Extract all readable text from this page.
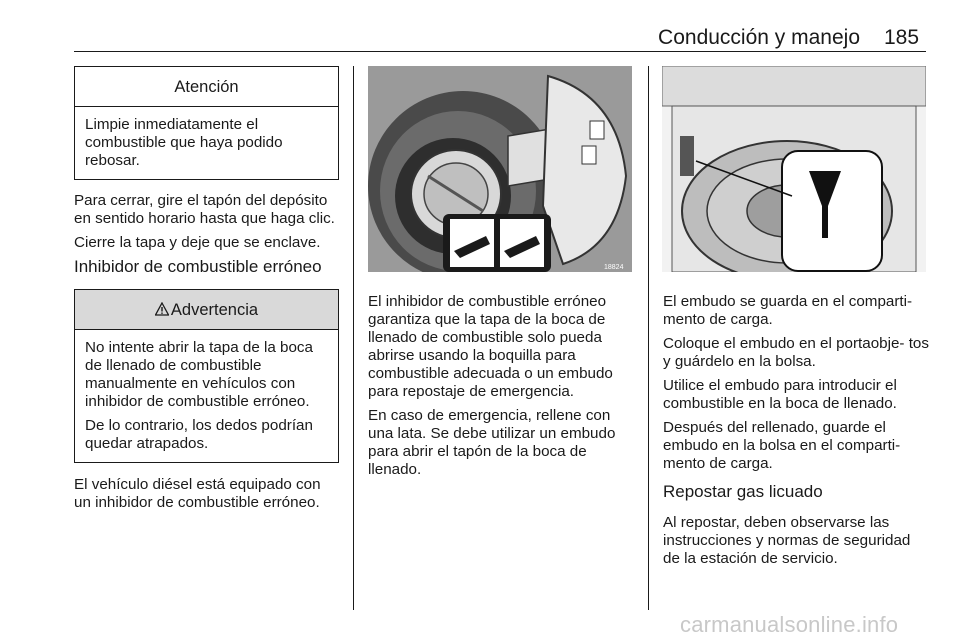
Conducción y manejo 185
Atención

Limpie inmediatamente el combustible que haya podido rebosar.

Para cerrar, gire el tapón del depósito en sentido horario hasta que haga clic.

Cierre la tapa y deje que se enclave.

Inhibidor de combustible erróneo
Advertencia

No intente abrir la tapa de la boca de llenado de combustible manualmente en vehículos con inhibidor de combustible erróneo.

De lo contrario, los dedos podrían quedar atrapados.

El vehículo diésel está equipado con un inhibidor de combustible erróneo.

18824

El inhibidor de combustible erróneo garantiza que la tapa de la boca de llenado de combustible solo pueda abrirse usando la boquilla para combustible adecuada o un embudo para repostaje de emergencia.

En caso de emergencia, rellene con una lata. Se debe utilizar un embudo para abrir el tapón de la boca de llenado.

El embudo se guarda en el comparti- mento de carga.

Coloque el embudo en el portaobje- tos y guárdelo en la bolsa.

Utilice el embudo para introducir el combustible en la boca de llenado.

Después del rellenado, guarde el embudo en la bolsa en el comparti- mento de carga.

Repostar gas licuado

Al repostar, deben observarse las instrucciones y normas de seguridad de la estación de servicio.

carmanualsonline.info
